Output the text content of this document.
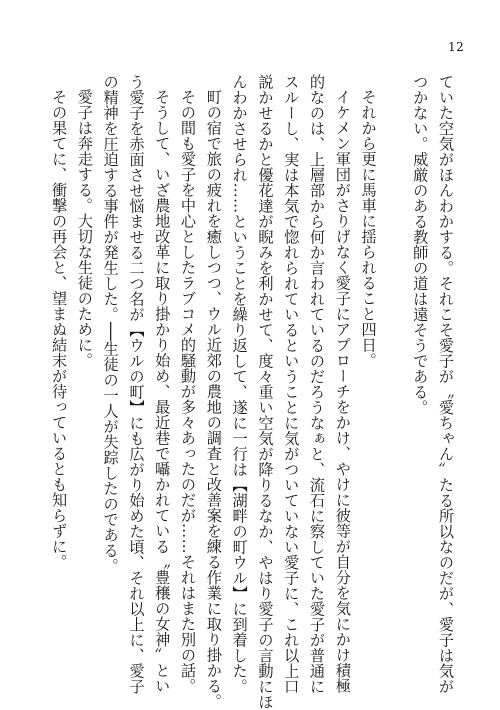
12
ていた空気がほんわかする。それこそ愛子が〝愛ちゃん〟たる所以なのだが、愛子は気が
つかない。威厳のある教師の道は遠そうである。

それから更に馬車に揺られること四日。
イケメン軍団がさりげなく愛子にアプローチをかけ、やけに彼等が自分を気にかけ積極
的なのは、上層部から何か言われているのだろうなぁと、流石に察していた愛子が普通に
スルーし、実は本気で惚れられているということに気がついていない愛子に、これ以上口
説かせるかと優花達が睨みを利かせて、度々重い空気が降りるなか、やはり愛子の言動にほ
んわかさせられ……ということを繰り返して、遂に一行は【湖畔の町ウル】に到着した。
町の宿で旅の疲れを癒しつつ、ウル近郊の農地の調査と改善案を練る作業に取り掛かる。
その間も愛子を中心としたラブコメ的騒動が多々あったのだが……それはまた別の話。
そうして、いざ農地改革に取り掛かり始め、最近巷で囁かれている〝豊穣の女神〟とい
う愛子を赤面させ悩ませる二つ名が【ウルの町】にも広がり始めた頃、それ以上に、愛子
の精神を圧迫する事件が発生した。──生徒の一人が失踪したのである。
愛子は奔走する。大切な生徒のために。
その果てに、衝撃の再会と、望まぬ結末が待っているとも知らずに。
